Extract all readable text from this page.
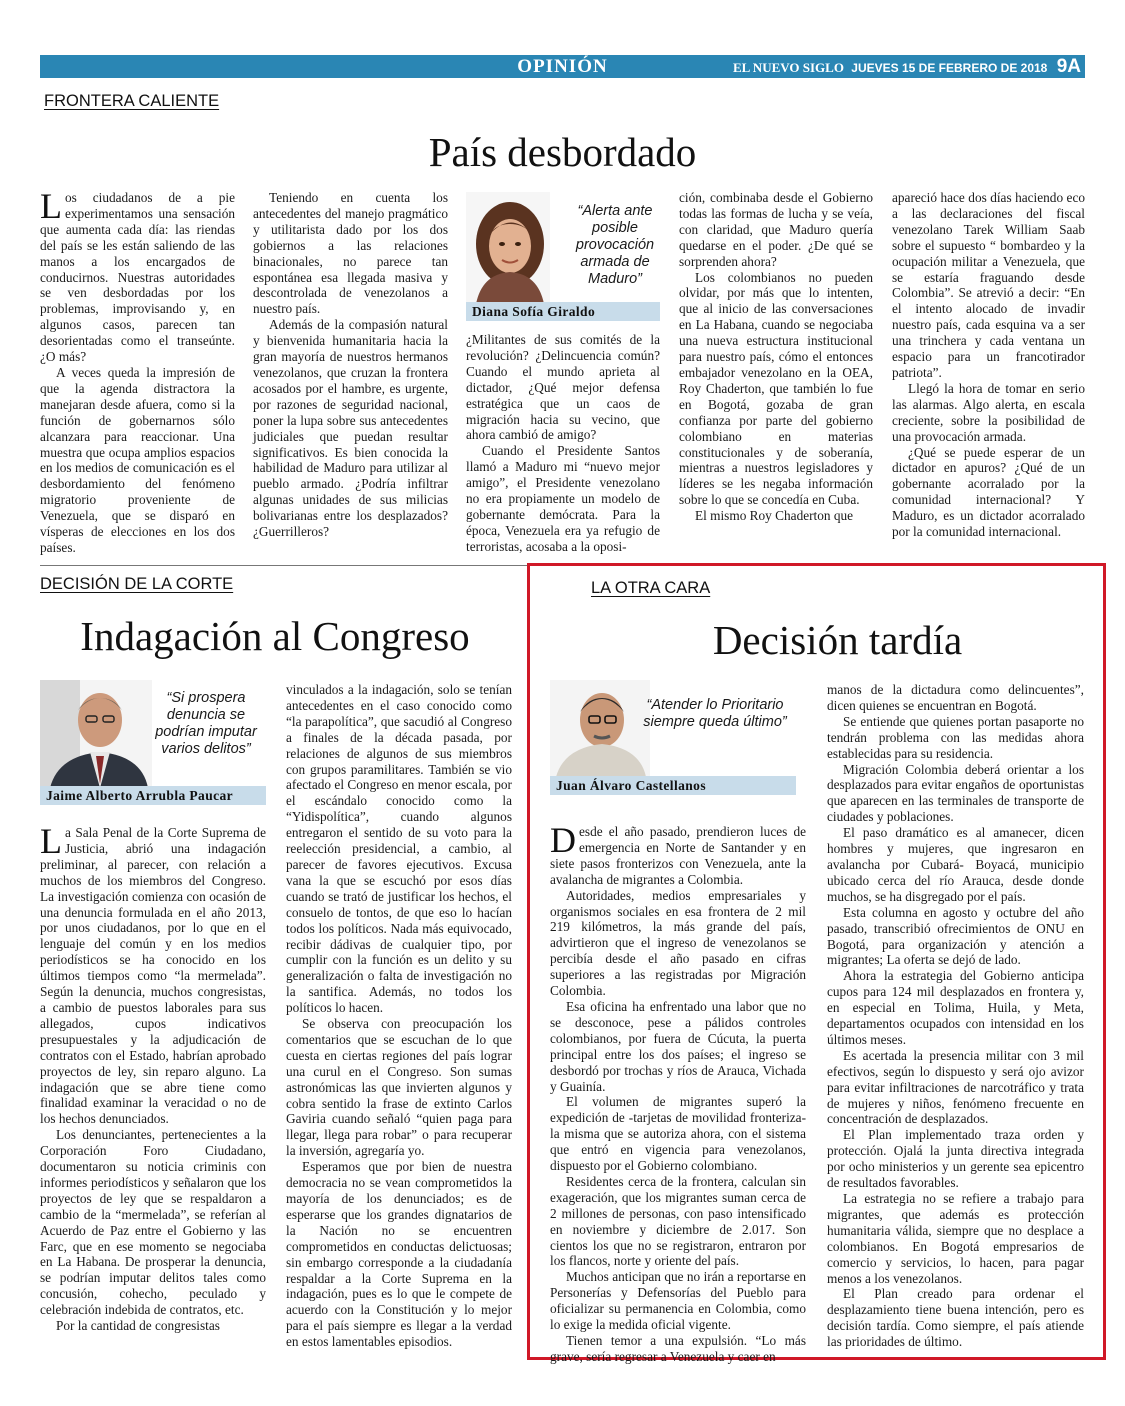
OPINIÓN	EL NUEVO SIGLO JUEVES 15 DE FEBRERO DE 2018 9A
FRONTERA CALIENTE
País desbordado

Los ciudadanos de a pie experimentamos una sensación que aumenta cada día: las riendas del país se les están saliendo de las manos a los encargados de conducirnos. Nuestras autoridades se ven desbordadas por los problemas, improvisando y, en algunos casos, parecen tan desorientadas como el transeúnte. ¿O más?

A veces queda la impresión de que la agenda distractora la manejaran desde afuera, como si la función de gobernarnos sólo alcanzara para reaccionar. Una muestra que ocupa amplios espacios en los medios de comunicación es el desbordamiento del fenómeno migratorio proveniente de Venezuela, que se disparó en vísperas de elecciones en los dos países.

Teniendo en cuenta los antecedentes del manejo pragmático y utilitarista dado por los dos gobiernos a las relaciones binacionales, no parece tan espontánea esa llegada masiva y descontrolada de venezolanos a nuestro país.

Además de la compasión natural y bienvenida humanitaria hacia la gran mayoría de nuestros hermanos venezolanos, que cruzan la frontera acosados por el hambre, es urgente, por razones de seguridad nacional, poner la lupa sobre sus antecedentes judiciales que puedan resultar significativos. Es bien conocida la habilidad de Maduro para utilizar al pueblo armado. ¿Podría infiltrar algunas unidades de sus milicias bolivarianas entre los desplazados? ¿Guerrilleros?

“Alerta ante posible provocación armada de Maduro”
Diana Sofía Giraldo

¿Militantes de sus comités de la revolución? ¿Delincuencia común? Cuando el mundo aprieta al dictador, ¿Qué mejor defensa estratégica que un caos de migración hacia su vecino, que ahora cambió de amigo?

Cuando el Presidente Santos llamó a Maduro mi “nuevo mejor amigo”, el Presidente venezolano no era propiamente un modelo de gobernante demócrata. Para la época, Venezuela era ya refugio de terroristas, acosaba a la oposi-

ción, combinaba desde el Gobierno todas las formas de lucha y se veía, con claridad, que Maduro quería quedarse en el poder. ¿De qué se sorprenden ahora?

Los colombianos no pueden olvidar, por más que lo intenten, que al inicio de las conversaciones en La Habana, cuando se negociaba una nueva estructura institucional para nuestro país, cómo el entonces embajador venezolano en la OEA, Roy Chaderton, que también lo fue en Bogotá, gozaba de gran confianza por parte del gobierno colombiano en materias constitucionales y de soberanía, mientras a nuestros legisladores y líderes se les negaba información sobre lo que se concedía en Cuba.

El mismo Roy Chaderton que

apareció hace dos días haciendo eco a las declaraciones del fiscal venezolano Tarek William Saab sobre el supuesto “ bombardeo y la ocupación militar a Venezuela, que se estaría fraguando desde Colombia”. Se atrevió a decir: “En el intento alocado de invadir nuestro país, cada esquina va a ser una trinchera y cada ventana un espacio para un francotirador patriota”.

Llegó la hora de tomar en serio las alarmas. Algo alerta, en escala creciente, sobre la posibilidad de una provocación armada.

¿Qué se puede esperar de un dictador en apuros? ¿Qué de un gobernante acorralado por la comunidad internacional? Y Maduro, es un dictador acorralado por la comunidad internacional.

DECISIÓN DE LA CORTE
Indagación al Congreso
“Si prospera denuncia se podrían imputar varios delitos”
Jaime Alberto Arrubla Paucar

La Sala Penal de la Corte Suprema de Justicia, abrió una indagación preliminar, al parecer, con relación a muchos de los miembros del Congreso. La investigación comienza con ocasión de una denuncia formulada en el año 2013, por unos ciudadanos, por lo que en el lenguaje del común y en los medios periodísticos se ha conocido en los últimos tiempos como “la mermelada”. Según la denuncia, muchos congresistas, a cambio de puestos laborales para sus allegados, cupos indicativos presupuestales y la adjudicación de contratos con el Estado, habrían aprobado proyectos de ley, sin reparo alguno. La indagación que se abre tiene como finalidad examinar la veracidad o no de los hechos denunciados.

Los denunciantes, pertenecientes a la Corporación Foro Ciudadano, documentaron su noticia criminis con informes periodísticos y señalaron que los proyectos de ley que se respaldaron a cambio de la “mermelada”, se referían al Acuerdo de Paz entre el Gobierno y las Farc, que en ese momento se negociaba en La Habana. De prosperar la denuncia, se podrían imputar delitos tales como concusión, cohecho, peculado y celebración indebida de contratos, etc.

Por la cantidad de congresistas

vinculados a la indagación, solo se tenían antecedentes en el caso conocido como “la parapolítica”, que sacudió al Congreso a finales de la década pasada, por relaciones de algunos de sus miembros con grupos paramilitares. También se vio afectado el Congreso en menor escala, por el escándalo conocido como la “Yidispolítica”, cuando algunos entregaron el sentido de su voto para la reelección presidencial, a cambio, al parecer de favores ejecutivos. Excusa vana la que se escuchó por esos días cuando se trató de justificar los hechos, el consuelo de tontos, de que eso lo hacían todos los políticos. Nada más equivocado, recibir dádivas de cualquier tipo, por cumplir con la función es un delito y su generalización o falta de investigación no la santifica. Además, no todos los políticos lo hacen.

Se observa con preocupación los comentarios que se escuchan de lo que cuesta en ciertas regiones del país lograr una curul en el Congreso. Son sumas astronómicas las que invierten algunos y cobra sentido la frase de extinto Carlos Gaviria cuando señaló “quien paga para llegar, llega para robar” o para recuperar la inversión, agregaría yo.

Esperamos que por bien de nuestra democracia no se vean comprometidos la mayoría de los denunciados; es de esperarse que los grandes dignatarios de la Nación no se encuentren comprometidos en conductas delictuosas; sin embargo corresponde a la ciudadanía respaldar a la Corte Suprema en la indagación, pues es lo que le compete de acuerdo con la Constitución y lo mejor para el país siempre es llegar a la verdad en estos lamentables episodios.

LA OTRA CARA
Decisión tardía
“Atender lo Prioritario siempre queda último”
Juan Álvaro Castellanos

Desde el año pasado, prendieron luces de emergencia en Norte de Santander y en siete pasos fronterizos con Venezuela, ante la avalancha de migrantes a Colombia.

Autoridades, medios empresariales y organismos sociales en esa frontera de 2 mil 219 kilómetros, la más grande del país, advirtieron que el ingreso de venezolanos se percibía desde el año pasado en cifras superiores a las registradas por Migración Colombia.

Esa oficina ha enfrentado una labor que no se desconoce, pese a pálidos controles colombianos, por fuera de Cúcuta, la puerta principal entre los dos países; el ingreso se desbordó por trochas y ríos de Arauca, Vichada y Guainía.

El volumen de migrantes superó la expedición de -tarjetas de movilidad fronteriza- la misma que se autoriza ahora, con el sistema que entró en vigencia para venezolanos, dispuesto por el Gobierno colombiano.

Residentes cerca de la frontera, calculan sin exageración, que los migrantes suman cerca de 2 millones de personas, con paso intensificado en noviembre y diciembre de 2.017. Son cientos los que no se registraron, entraron por los flancos, norte y oriente del país.

Muchos anticipan que no irán a reportarse en Personerías y Defensorías del Pueblo para oficializar su permanencia en Colombia, como lo exige la medida oficial vigente.

Tienen temor a una expulsión. “Lo más grave, sería regresar a Venezuela y caer en

manos de la dictadura como delincuentes”, dicen quienes se encuentran en Bogotá.

Se entiende que quienes portan pasaporte no tendrán problema con las medidas ahora establecidas para su residencia.

Migración Colombia deberá orientar a los desplazados para evitar engaños de oportunistas que aparecen en las terminales de transporte de ciudades y poblaciones.

El paso dramático es al amanecer, dicen hombres y mujeres, que ingresaron en avalancha por Cubará- Boyacá, municipio ubicado cerca del río Arauca, desde donde muchos, se ha disgregado por el país.

Esta columna en agosto y octubre del año pasado, transcribió ofrecimientos de ONU en Bogotá, para organización y atención a migrantes; La oferta se dejó de lado.

Ahora la estrategia del Gobierno anticipa cupos para 124 mil desplazados en frontera y, en especial en Tolima, Huila, y Meta, departamentos ocupados con intensidad en los últimos meses.

Es acertada la presencia militar con 3 mil efectivos, según lo dispuesto y será ojo avizor para evitar infiltraciones de narcotráfico y trata de mujeres y niños, fenómeno frecuente en concentración de desplazados.

El Plan implementado traza orden y protección. Ojalá la junta directiva integrada por ocho ministerios y un gerente sea epicentro de resultados favorables.

La estrategia no se refiere a trabajo para migrantes, que además es protección humanitaria válida, siempre que no desplace a colombianos. En Bogotá empresarios de comercio y servicios, lo hacen, para pagar menos a los venezolanos.

El Plan creado para ordenar el desplazamiento tiene buena intención, pero es decisión tardía. Como siempre, el país atiende las prioridades de último.
